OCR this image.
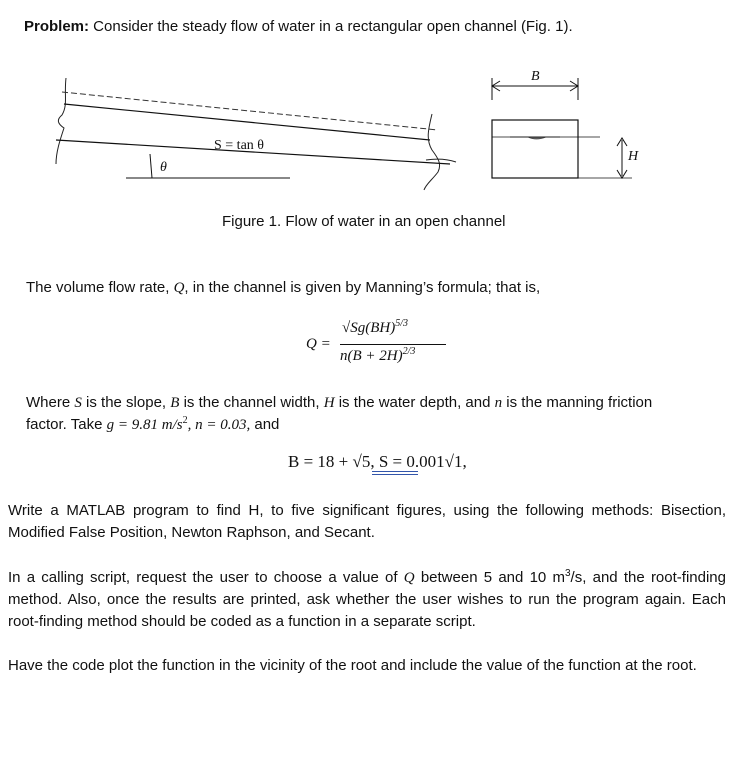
Problem: Consider the steady flow of water in a rectangular open channel (Fig. 1).
S = tan θ
θ
B
H
Figure 1. Flow of water in an open channel
The volume flow rate, Q, in the channel is given by Manning’s formula; that is,
Q =
√Sg(BH)$^{5/3}$
$n(B + 2H)^{2/3}$
Where S is the slope, B is the channel width, H is the water depth, and n is the manning friction
factor. Take g = 9.81 $m/s^2$, n = 0.03, and
B = 18 + √5, S = 0.001√1,
Write a MATLAB program to find H, to five significant figures, using the following methods: Bisection, Modified False Position, Newton Raphson, and Secant.
In a calling script, request the user to choose a value of Q between 5 and 10 $m^3/s$, and the root-finding method. Also, once the results are printed, ask whether the user wishes to run the program again. Each root-finding method should be coded as a function in a separate script.
Have the code plot the function in the vicinity of the root and include the value of the function at the root.
